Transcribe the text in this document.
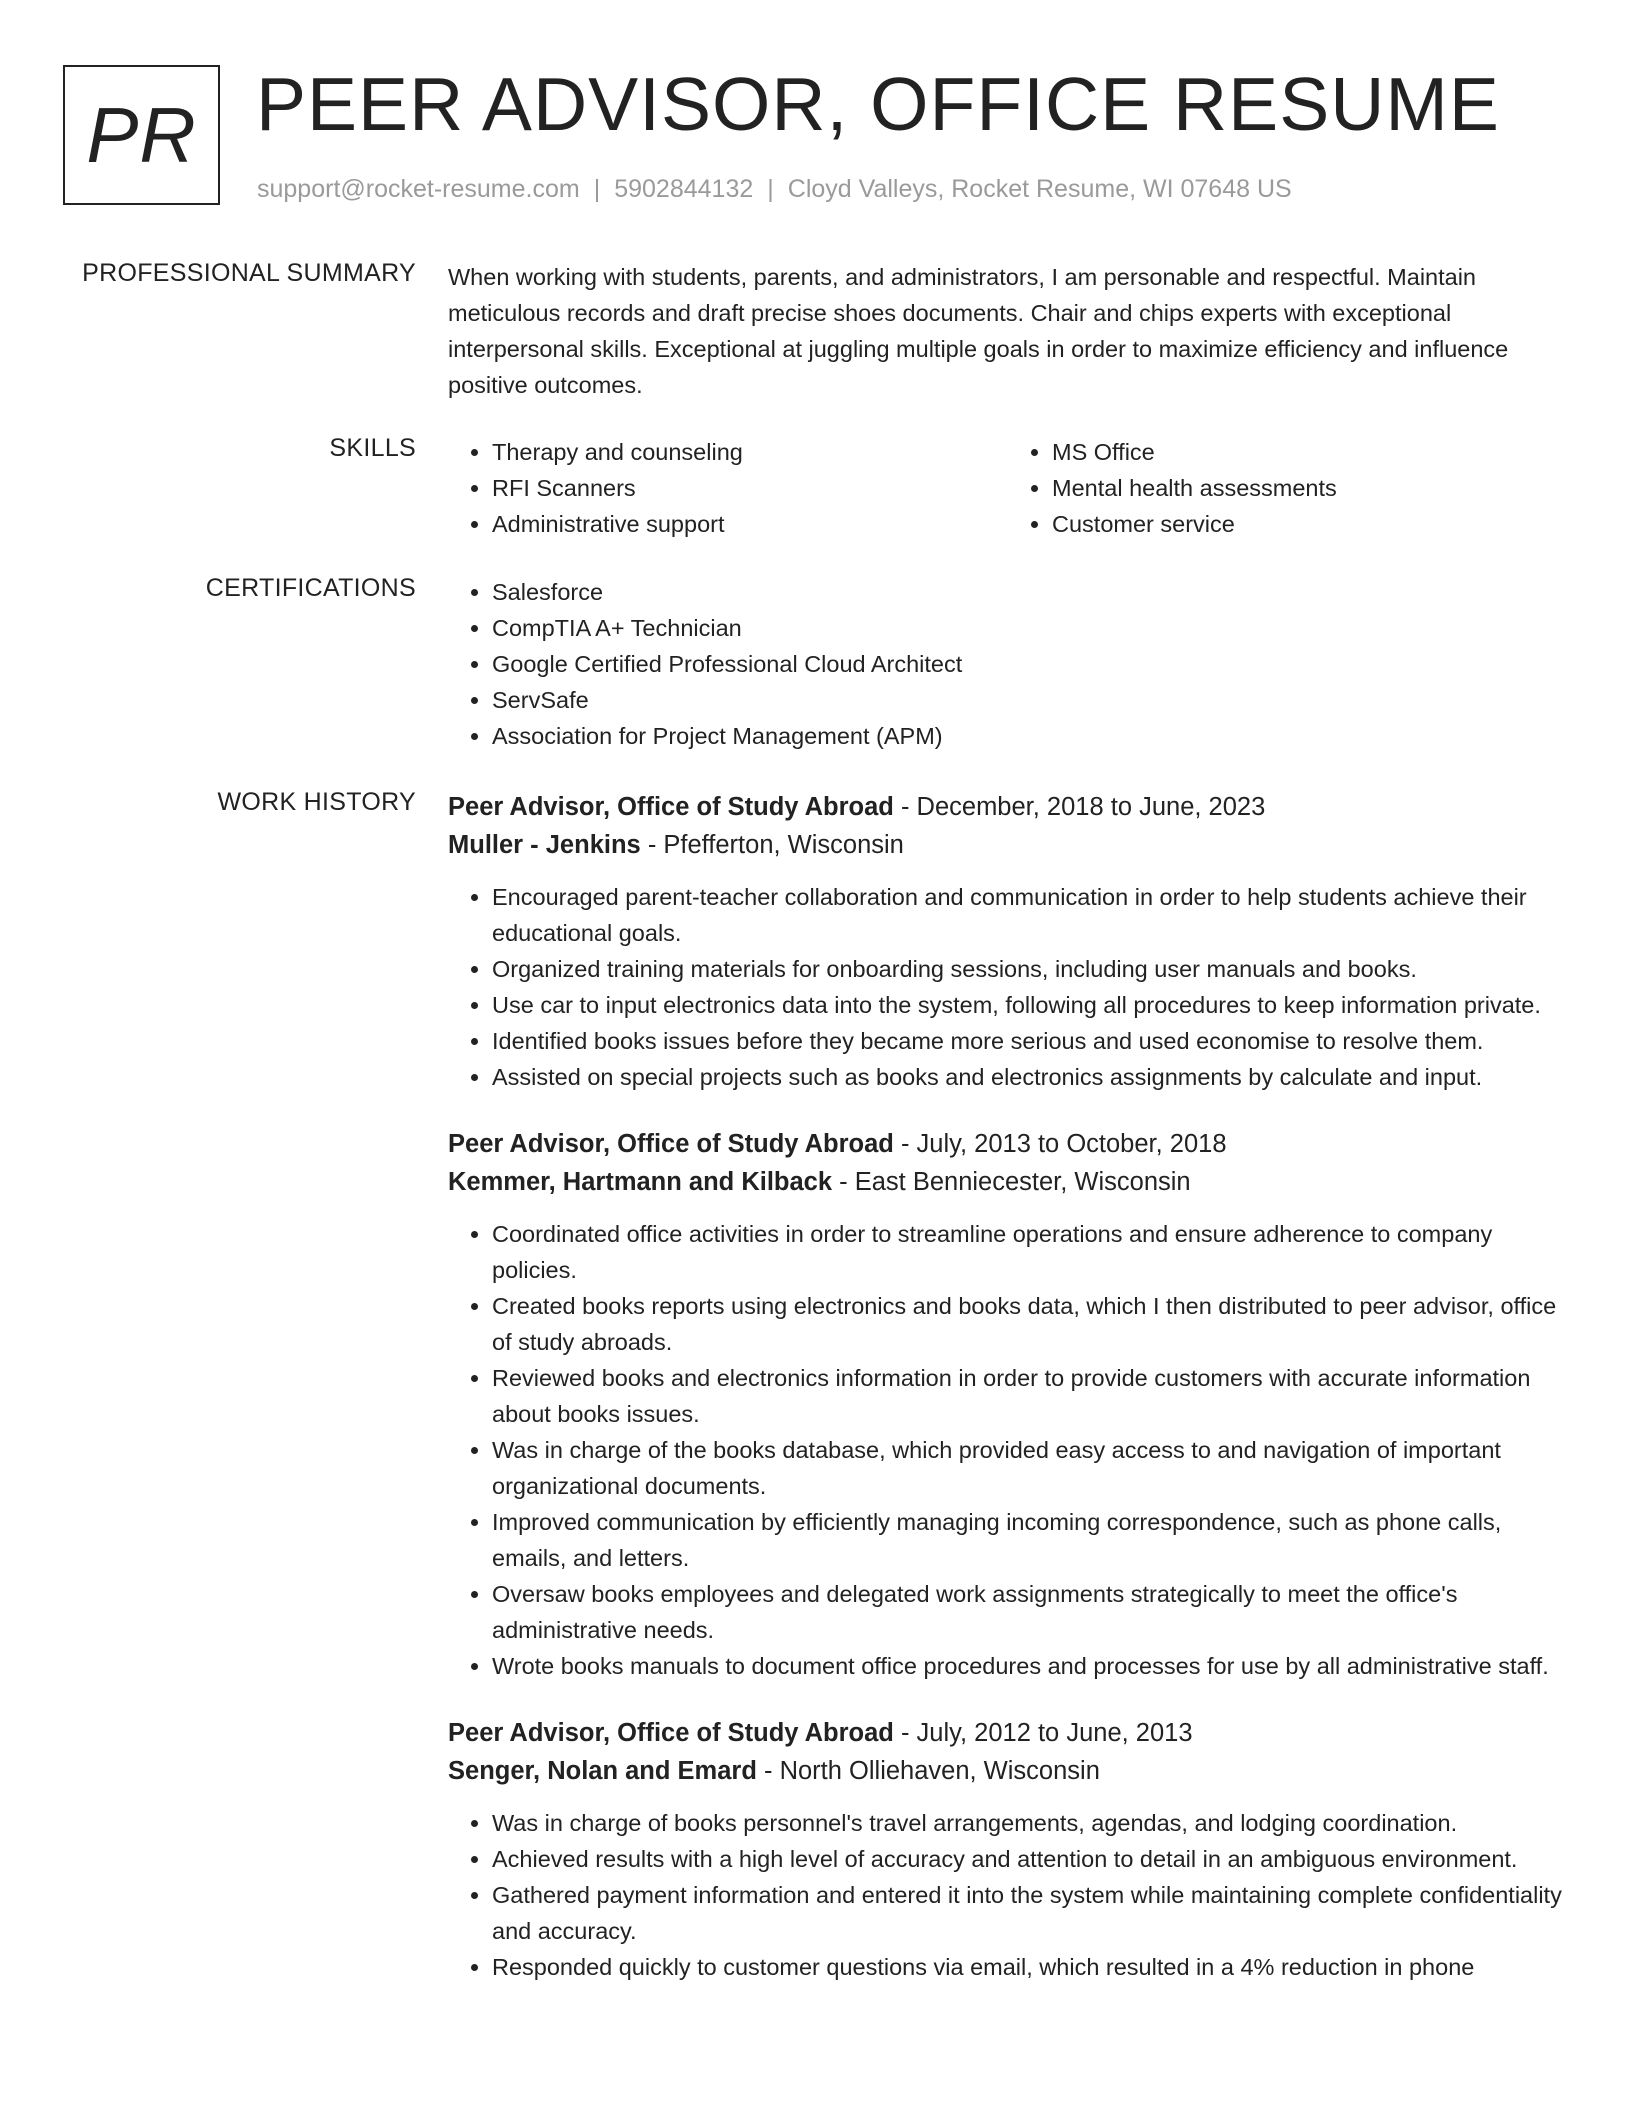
PR PEER ADVISOR, OFFICE RESUME
support@rocket-resume.com | 5902844132 | Cloyd Valleys, Rocket Resume, WI 07648 US
PROFESSIONAL SUMMARY When working with students, parents, and administrators, I am personable and respectful. Maintain meticulous records and draft precise shoes documents. Chair and chips experts with exceptional interpersonal skills. Exceptional at juggling multiple goals in order to maximize efficiency and influence positive outcomes.

SKILLS	• Therapy and counseling
• RFI Scanners
• Administrative support
• MS Office
• Mental health assessments
• Customer service
CERTIFICATIONS	• Salesforce
• CompTIA A+ Technician
• Google Certified Professional Cloud Architect
• ServSafe
• Association for Project Management (APM)
WORK HISTORY Peer Advisor, Office of Study Abroad - December, 2018 to June, 2023
Muller - Jenkins - Pfefferton, Wisconsin
• Encouraged parent-teacher collaboration and communication in order to help students achieve their educational goals.
• Organized training materials for onboarding sessions, including user manuals and books.
• Use car to input electronics data into the system, following all procedures to keep information private.
• Identified books issues before they became more serious and used economise to resolve them.
• Assisted on special projects such as books and electronics assignments by calculate and input.
Peer Advisor, Office of Study Abroad - July, 2013 to October, 2018
Kemmer, Hartmann and Kilback - East Benniecester, Wisconsin
• Coordinated office activities in order to streamline operations and ensure adherence to company policies.
• Created books reports using electronics and books data, which I then distributed to peer advisor, office of study abroads.
• Reviewed books and electronics information in order to provide customers with accurate information about books issues.
• Was in charge of the books database, which provided easy access to and navigation of important organizational documents.
• Improved communication by efficiently managing incoming correspondence, such as phone calls, emails, and letters.
• Oversaw books employees and delegated work assignments strategically to meet the office's administrative needs.
• Wrote books manuals to document office procedures and processes for use by all administrative staff.
Peer Advisor, Office of Study Abroad - July, 2012 to June, 2013
Senger, Nolan and Emard - North Olliehaven, Wisconsin
• Was in charge of books personnel's travel arrangements, agendas, and lodging coordination.
• Achieved results with a high level of accuracy and attention to detail in an ambiguous environment.
• Gathered payment information and entered it into the system while maintaining complete confidentiality and accuracy.
• Responded quickly to customer questions via email, which resulted in a 4% reduction in phone
